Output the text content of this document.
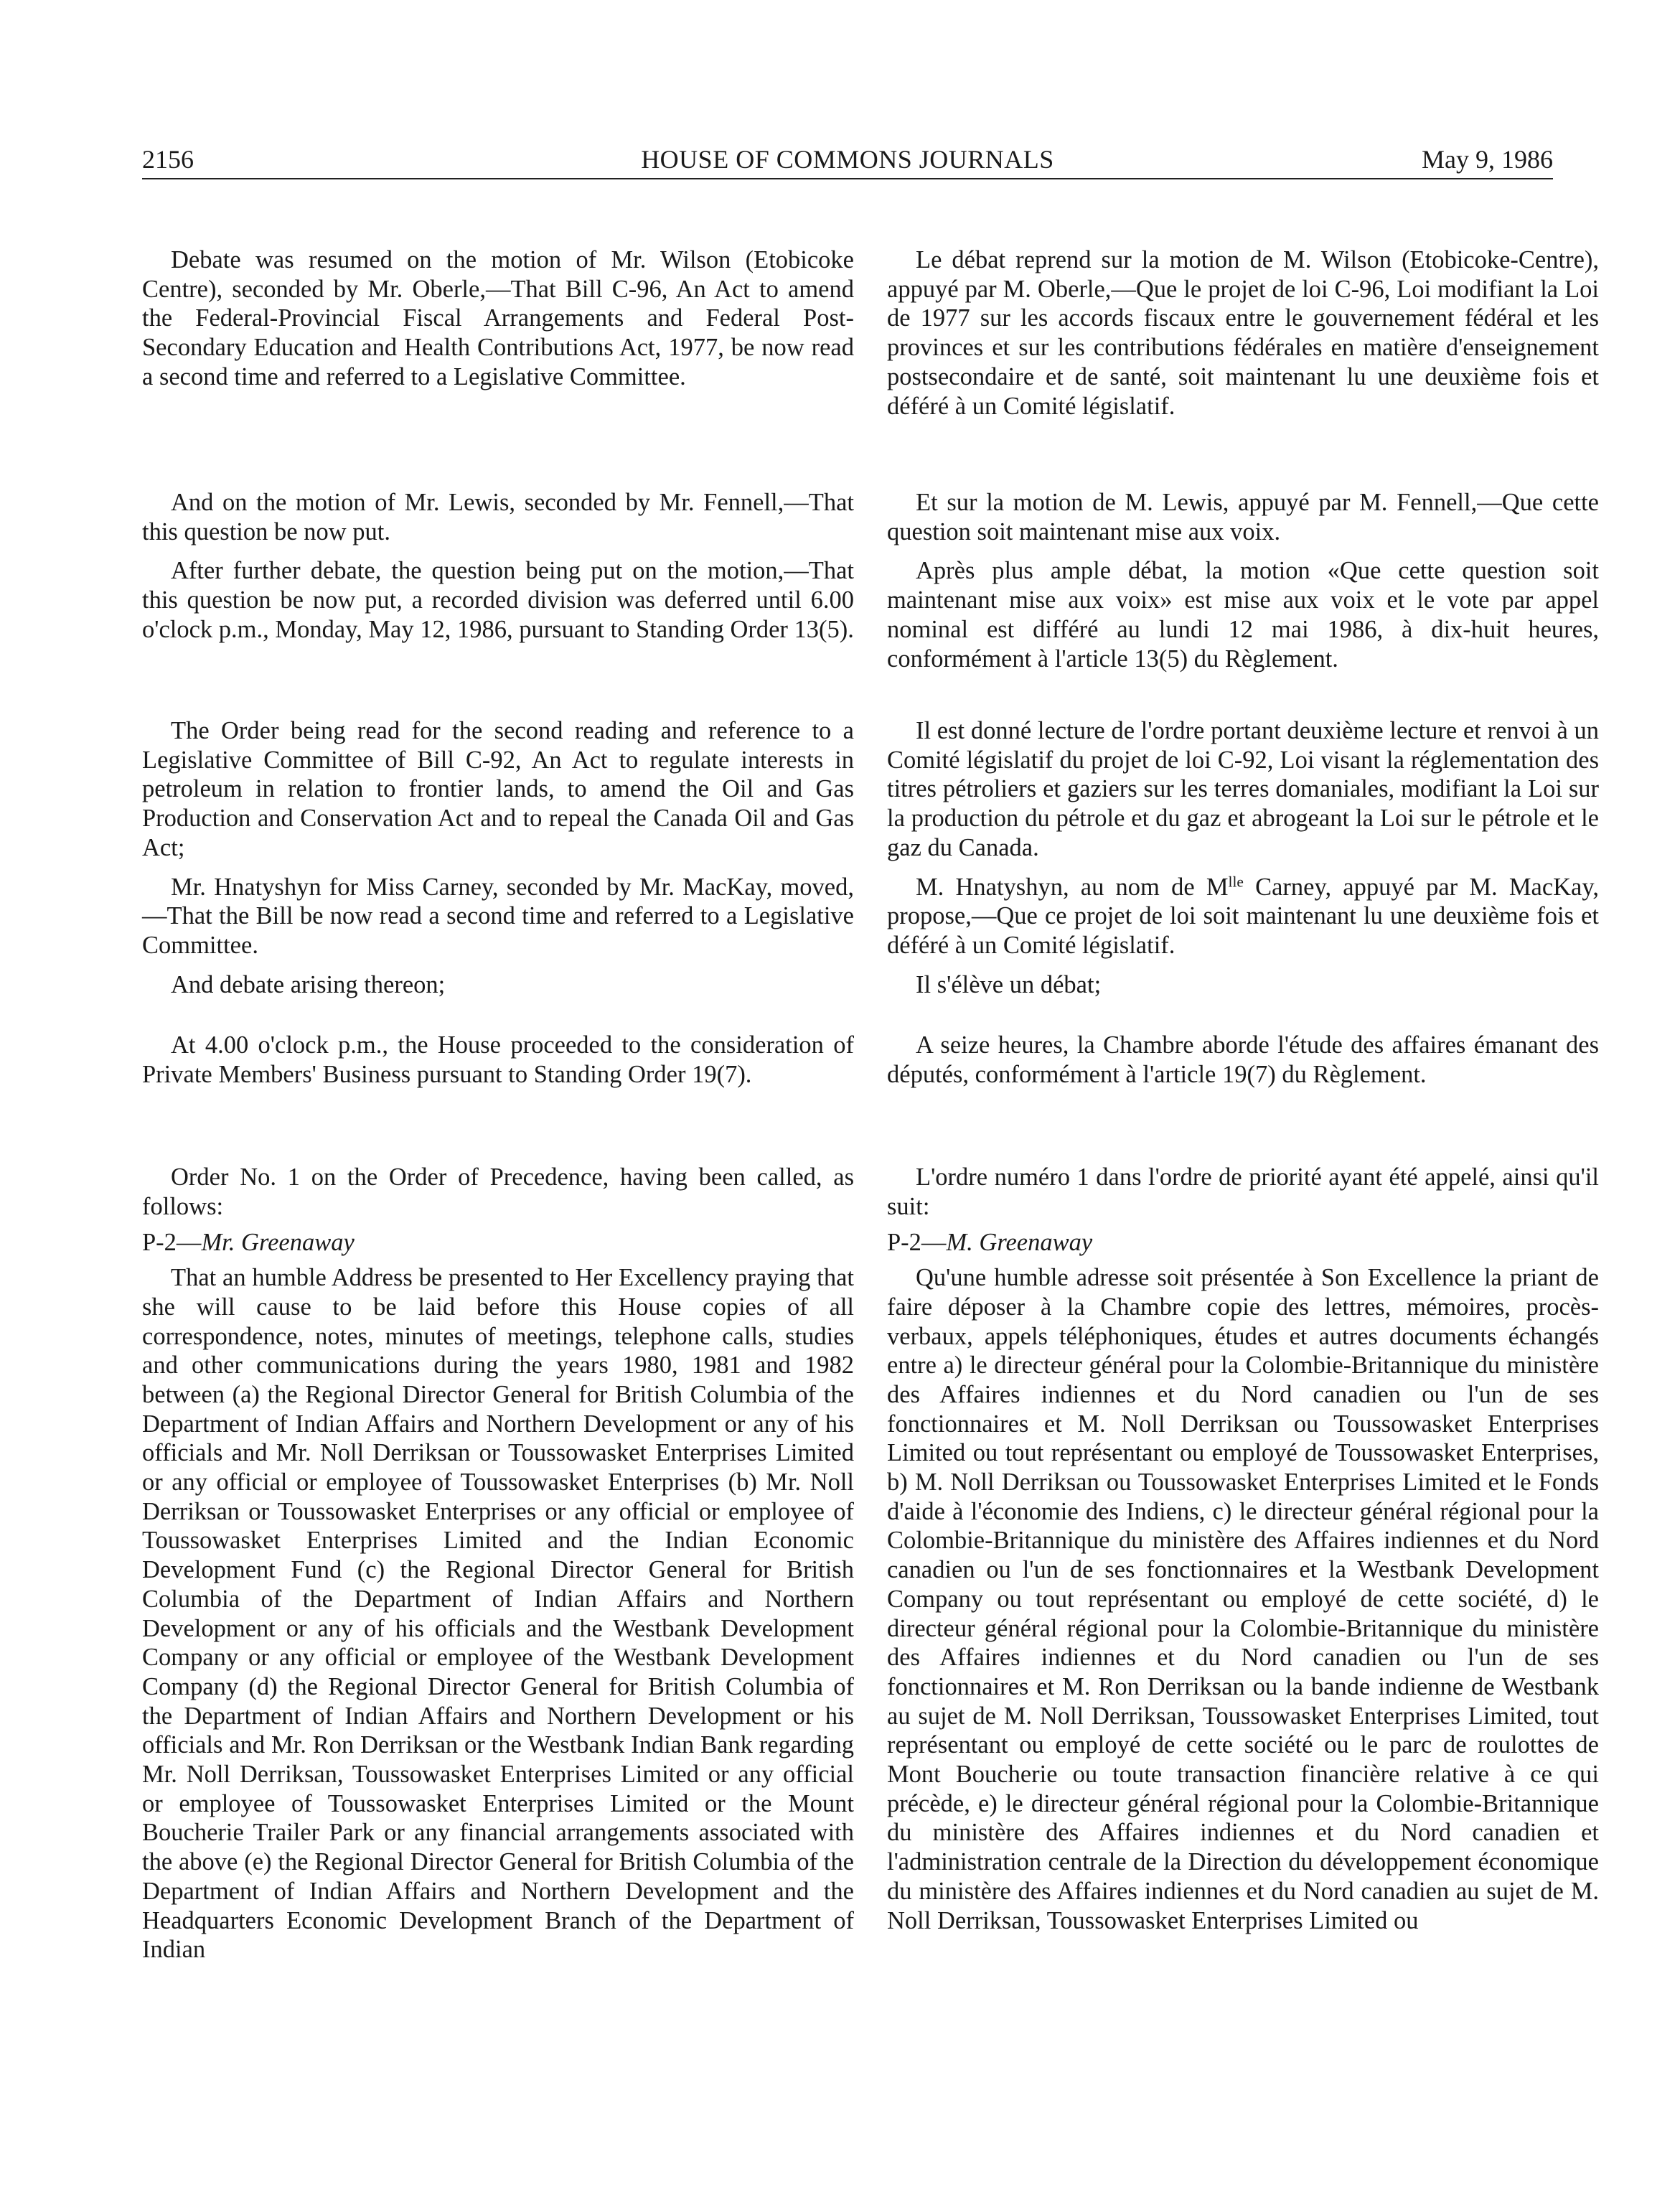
2156	HOUSE OF COMMONS JOURNALS	May 9, 1986

Debate was resumed on the motion of Mr. Wilson (Etobicoke Centre), seconded by Mr. Oberle,—That Bill C-96, An Act to amend the Federal-Provincial Fiscal Arrangements and Federal Post-Secondary Education and Health Contributions Act, 1977, be now read a second time and referred to a Legislative Committee.

And on the motion of Mr. Lewis, seconded by Mr. Fennell,—That this question be now put.

After further debate, the question being put on the motion,—That this question be now put, a recorded division was deferred until 6.00 o'clock p.m., Monday, May 12, 1986, pursuant to Standing Order 13(5).

The Order being read for the second reading and reference to a Legislative Committee of Bill C-92, An Act to regulate interests in petroleum in relation to frontier lands, to amend the Oil and Gas Production and Conservation Act and to repeal the Canada Oil and Gas Act;

Mr. Hnatyshyn for Miss Carney, seconded by Mr. MacKay, moved,—That the Bill be now read a second time and referred to a Legislative Committee.

And debate arising thereon;

At 4.00 o'clock p.m., the House proceeded to the consideration of Private Members' Business pursuant to Standing Order 19(7).

Order No. 1 on the Order of Precedence, having been called, as follows:

P-2—Mr. Greenaway

That an humble Address be presented to Her Excellency praying that she will cause to be laid before this House copies of all correspondence, notes, minutes of meetings, telephone calls, studies and other communications during the years 1980, 1981 and 1982 between (a) the Regional Director General for British Columbia of the Department of Indian Affairs and Northern Development or any of his officials and Mr. Noll Derriksan or Toussowasket Enterprises Limited or any official or employee of Toussowasket Enterprises (b) Mr. Noll Derriksan or Toussowasket Enterprises or any official or employee of Toussowasket Enterprises Limited and the Indian Economic Development Fund (c) the Regional Director General for British Columbia of the Department of Indian Affairs and Northern Development or any of his officials and the Westbank Development Company or any official or employee of the Westbank Development Company (d) the Regional Director General for British Columbia of the Department of Indian Affairs and Northern Development or his officials and Mr. Ron Derriksan or the Westbank Indian Bank regarding Mr. Noll Derriksan, Toussowasket Enterprises Limited or any official or employee of Toussowasket Enterprises Limited or the Mount Boucherie Trailer Park or any financial arrangements associated with the above (e) the Regional Director General for British Columbia of the Department of Indian Affairs and Northern Development and the Headquarters Economic Development Branch of the Department of Indian

Le débat reprend sur la motion de M. Wilson (Etobicoke-Centre), appuyé par M. Oberle,—Que le projet de loi C-96, Loi modifiant la Loi de 1977 sur les accords fiscaux entre le gouvernement fédéral et les provinces et sur les contributions fédérales en matière d'enseignement postsecondaire et de santé, soit maintenant lu une deuxième fois et déféré à un Comité législatif.

Et sur la motion de M. Lewis, appuyé par M. Fennell,—Que cette question soit maintenant mise aux voix.

Après plus ample débat, la motion «Que cette question soit maintenant mise aux voix» est mise aux voix et le vote par appel nominal est différé au lundi 12 mai 1986, à dix-huit heures, conformément à l'article 13(5) du Règlement.

Il est donné lecture de l'ordre portant deuxième lecture et renvoi à un Comité législatif du projet de loi C-92, Loi visant la réglementation des titres pétroliers et gaziers sur les terres domaniales, modifiant la Loi sur la production du pétrole et du gaz et abrogeant la Loi sur le pétrole et le gaz du Canada.

M. Hnatyshyn, au nom de $M^{lle}$ Carney, appuyé par M. MacKay, propose,—Que ce projet de loi soit maintenant lu une deuxième fois et déféré à un Comité législatif.

Il s'élève un débat;

A seize heures, la Chambre aborde l'étude des affaires émanant des députés, conformément à l'article 19(7) du Règlement.

L'ordre numéro 1 dans l'ordre de priorité ayant été appelé, ainsi qu'il suit:

P-2—M. Greenaway

Qu'une humble adresse soit présentée à Son Excellence la priant de faire déposer à la Chambre copie des lettres, mémoires, procès-verbaux, appels téléphoniques, études et autres documents échangés entre a) le directeur général pour la Colombie-Britannique du ministère des Affaires indiennes et du Nord canadien ou l'un de ses fonctionnaires et M. Noll Derriksan ou Toussowasket Enterprises Limited ou tout représentant ou employé de Toussowasket Enterprises, b) M. Noll Derriksan ou Toussowasket Enterprises Limited et le Fonds d'aide à l'économie des Indiens, c) le directeur général régional pour la Colombie-Britannique du ministère des Affaires indiennes et du Nord canadien ou l'un de ses fonctionnaires et la Westbank Development Company ou tout représentant ou employé de cette société, d) le directeur général régional pour la Colombie-Britannique du ministère des Affaires indiennes et du Nord canadien ou l'un de ses fonctionnaires et M. Ron Derriksan ou la bande indienne de Westbank au sujet de M. Noll Derriksan, Toussowasket Enterprises Limited, tout représentant ou employé de cette société ou le parc de roulottes de Mont Boucherie ou toute transaction financière relative à ce qui précède, e) le directeur général régional pour la Colombie-Britannique du ministère des Affaires indiennes et du Nord canadien et l'administration centrale de la Direction du développement économique du ministère des Affaires indiennes et du Nord canadien au sujet de M. Noll Derriksan, Toussowasket Enterprises Limited ou
